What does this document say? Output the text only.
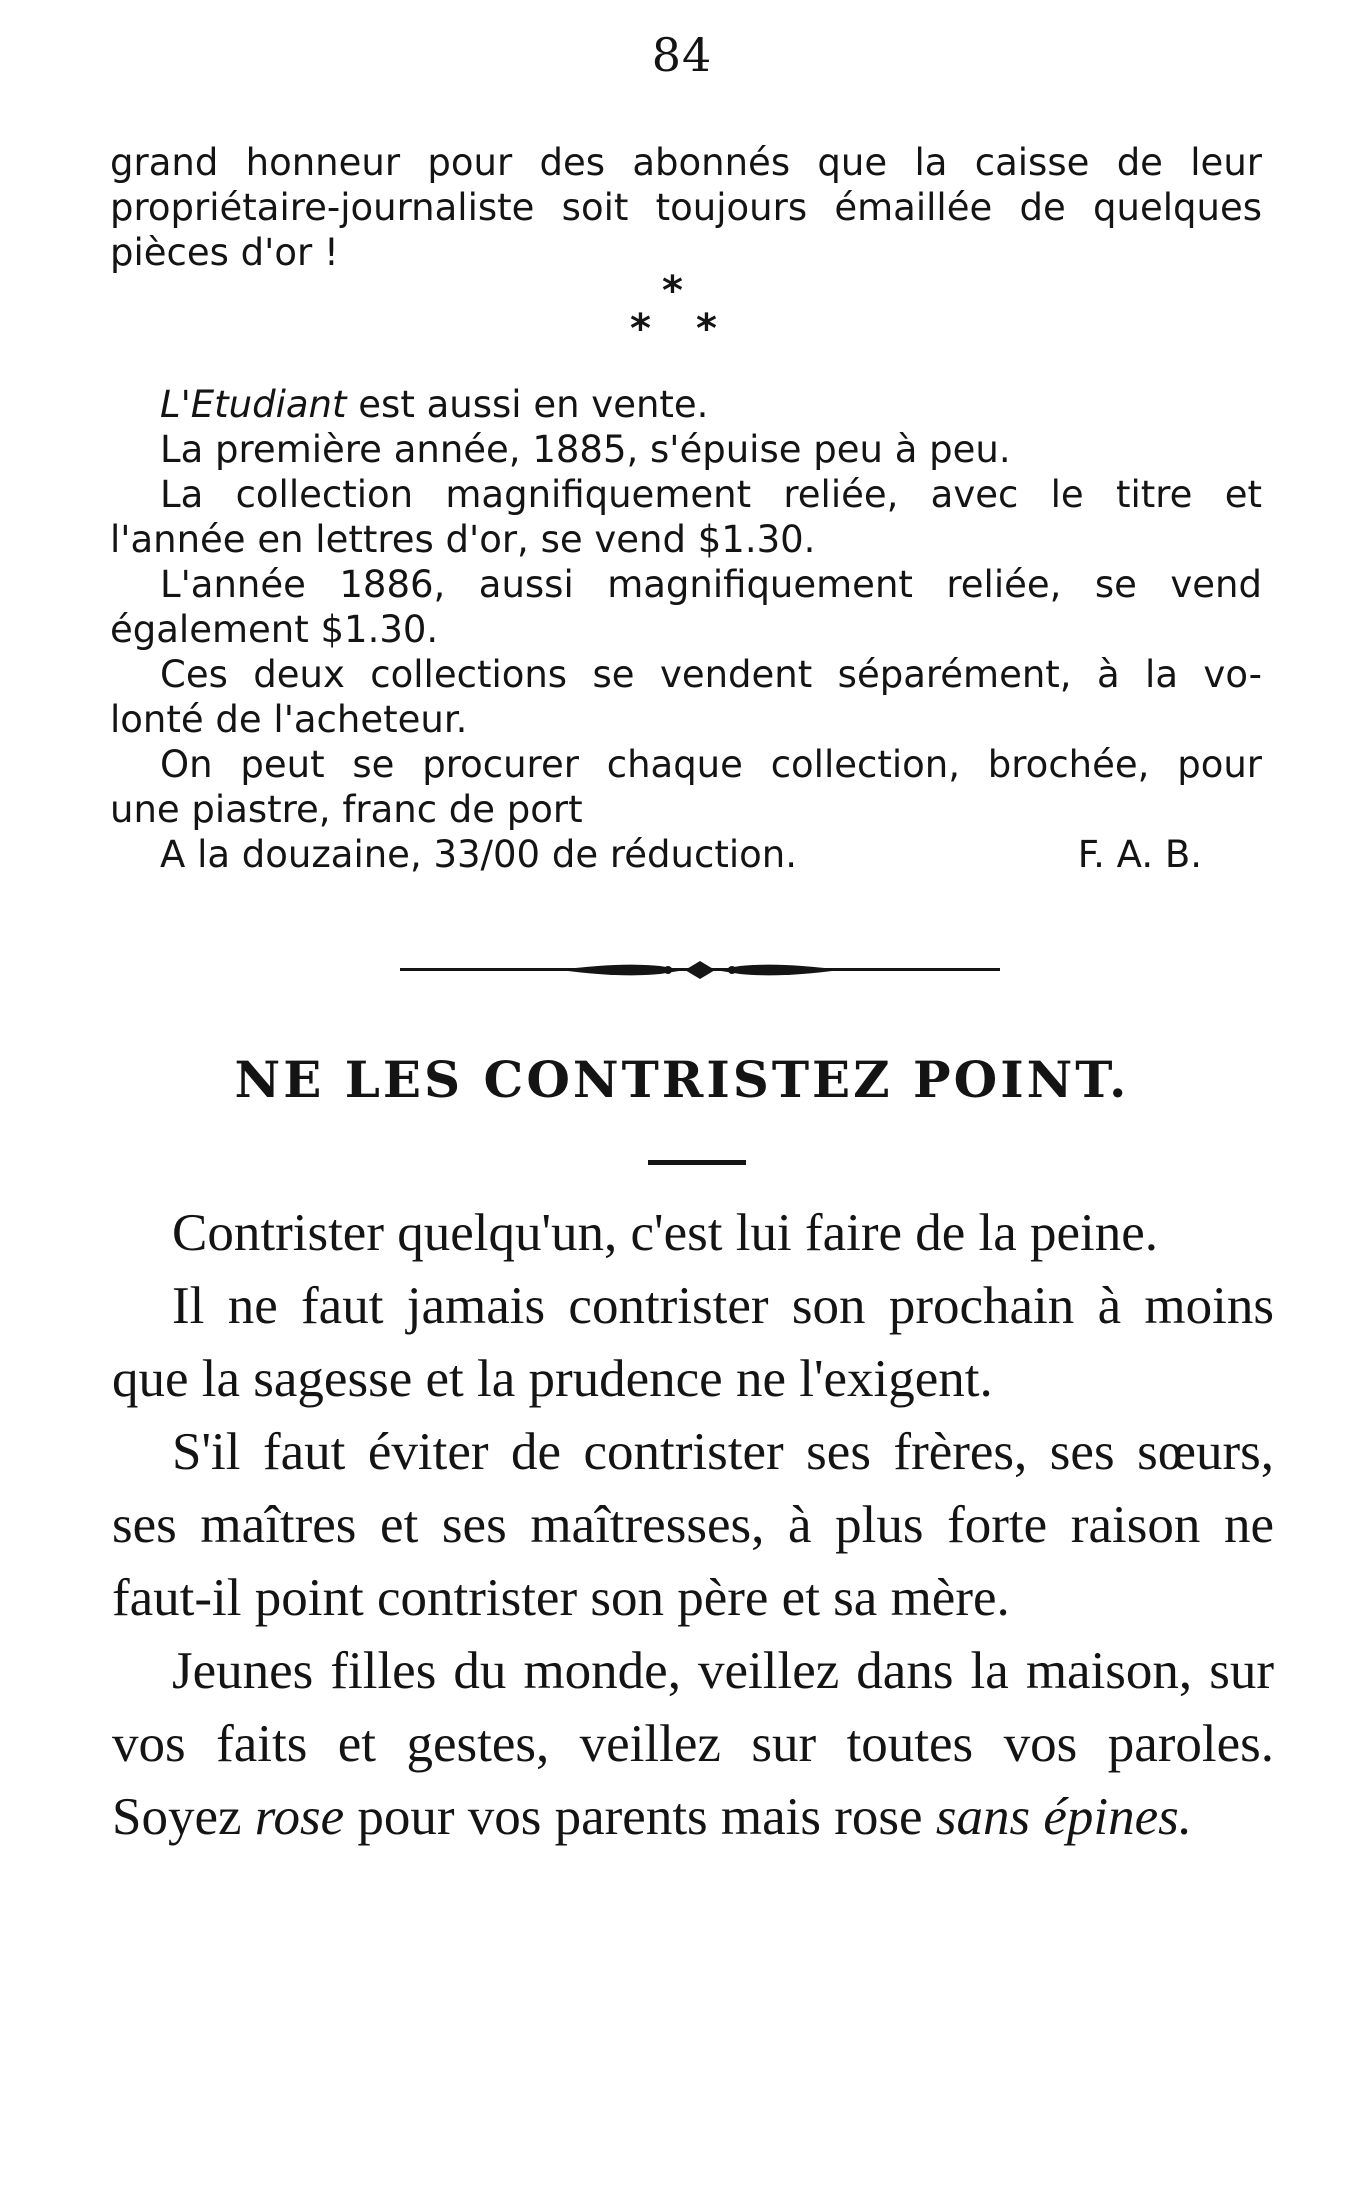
84

grand honneur pour des abonnés que la caisse de leur

propriétaire-journaliste soit toujours émaillée de quelques

pièces d'or !

*
* *

L'Etudiant est aussi en vente.

La première année, 1885, s'épuise peu à peu.

La collection magnifiquement reliée, avec le titre et

l'année en lettres d'or, se vend $1.30.

L'année 1886, aussi magnifiquement reliée, se vend

également $1.30.

Ces deux collections se vendent séparément, à la vo-

lonté de l'acheteur.

On peut se procurer chaque collection, brochée, pour

une piastre, franc de port

A la douzaine, 33/00 de réduction.	F. A. B.

NE LES CONTRISTEZ POINT.

Contrister quelqu'un, c'est lui faire de la peine.

Il ne faut jamais contrister son prochain à moins que la sagesse et la prudence ne l'exigent.

S'il faut éviter de contrister ses frères, ses sœurs, ses maîtres et ses maîtresses, à plus forte raison ne faut-il point contrister son père et sa mère.

Jeunes filles du monde, veillez dans la maison, sur vos faits et gestes, veillez sur toutes vos paroles. Soyez rose pour vos parents mais rose sans épines.
